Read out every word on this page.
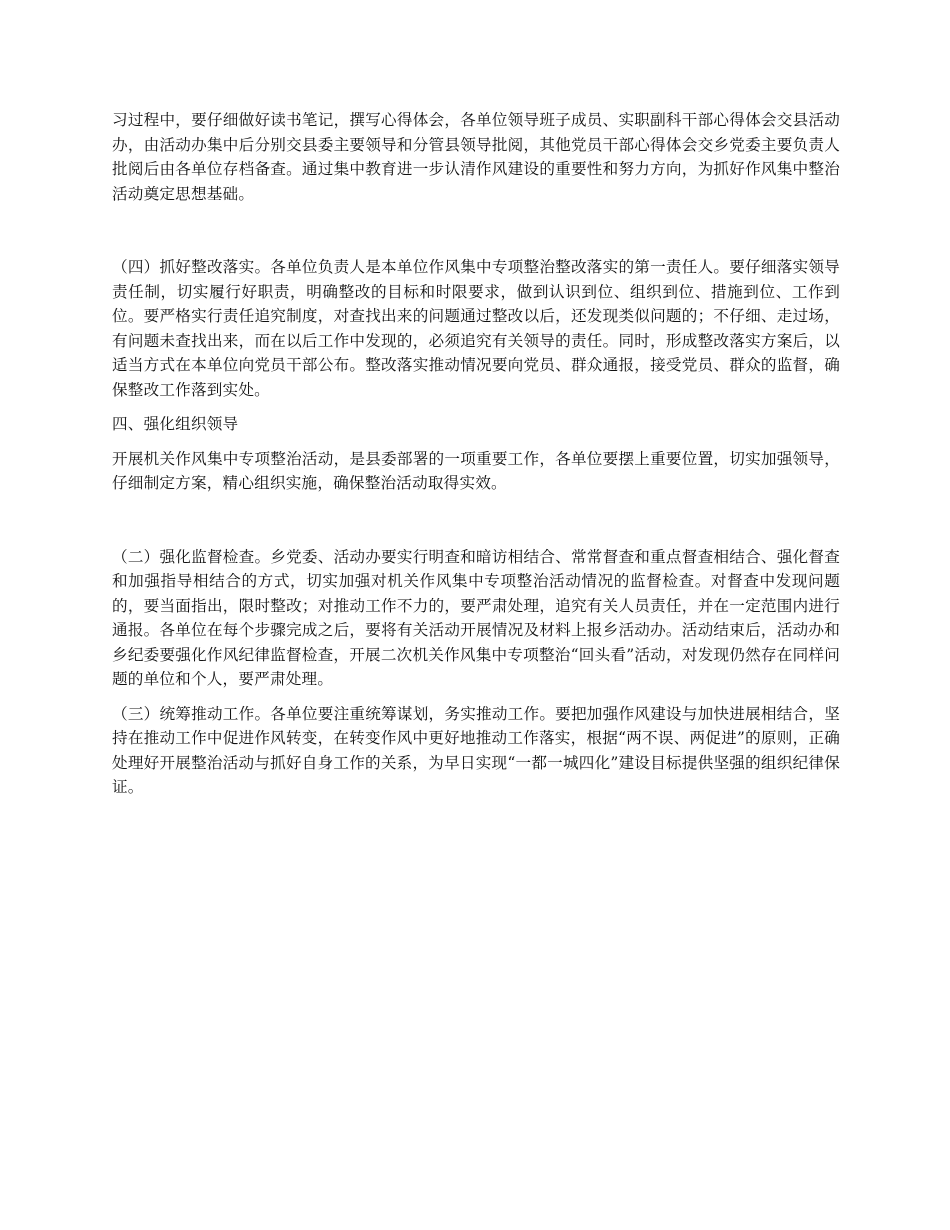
习过程中，要仔细做好读书笔记，撰写心得体会，各单位领导班子成员、实职副科干部心得体会交县活动办，由活动办集中后分别交县委主要领导和分管县领导批阅，其他党员干部心得体会交乡党委主要负责人批阅后由各单位存档备查。通过集中教育进一步认清作风建设的重要性和努力方向，为抓好作风集中整治活动奠定思想基础。

（四）抓好整改落实。各单位负责人是本单位作风集中专项整治整改落实的第一责任人。要仔细落实领导责任制，切实履行好职责，明确整改的目标和时限要求，做到认识到位、组织到位、措施到位、工作到位。要严格实行责任追究制度，对查找出来的问题通过整改以后，还发现类似问题的；不仔细、走过场，有问题未查找出来，而在以后工作中发现的，必须追究有关领导的责任。同时，形成整改落实方案后，以适当方式在本单位向党员干部公布。整改落实推动情况要向党员、群众通报，接受党员、群众的监督，确保整改工作落到实处。

四、强化组织领导

开展机关作风集中专项整治活动，是县委部署的一项重要工作，各单位要摆上重要位置，切实加强领导，仔细制定方案，精心组织实施，确保整治活动取得实效。

（二）强化监督检查。乡党委、活动办要实行明查和暗访相结合、常常督查和重点督查相结合、强化督查和加强指导相结合的方式，切实加强对机关作风集中专项整治活动情况的监督检查。对督查中发现问题的，要当面指出，限时整改；对推动工作不力的，要严肃处理，追究有关人员责任，并在一定范围内进行通报。各单位在每个步骤完成之后，要将有关活动开展情况及材料上报乡活动办。活动结束后，活动办和乡纪委要强化作风纪律监督检查，开展二次机关作风集中专项整治“回头看”活动，对发现仍然存在同样问题的单位和个人，要严肃处理。

（三）统筹推动工作。各单位要注重统筹谋划，务实推动工作。要把加强作风建设与加快进展相结合，坚持在推动工作中促进作风转变，在转变作风中更好地推动工作落实，根据“两不误、两促进”的原则，正确处理好开展整治活动与抓好自身工作的关系，为早日实现“一都一城四化”建设目标提供坚强的组织纪律保证。
